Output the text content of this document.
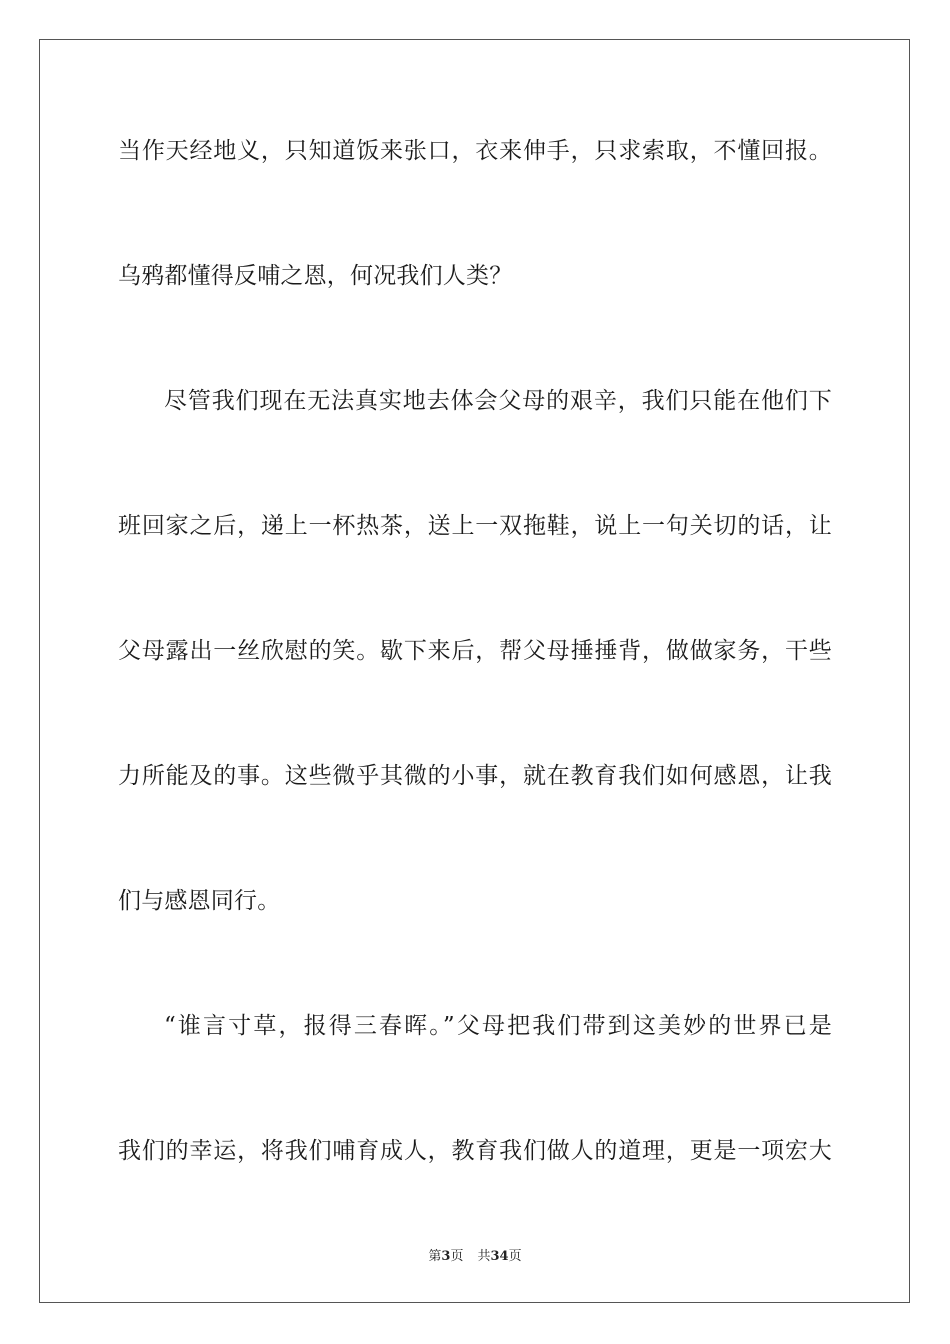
当作天经地义，只知道饭来张口，衣来伸手，只求索取，不懂回报。
乌鸦都懂得反哺之恩，何况我们人类？
尽管我们现在无法真实地去体会父母的艰辛，我们只能在他们下
班回家之后，递上一杯热茶，送上一双拖鞋，说上一句关切的话，让
父母露出一丝欣慰的笑。歇下来后，帮父母捶捶背，做做家务，干些
力所能及的事。这些微乎其微的小事，就在教育我们如何感恩，让我
们与感恩同行。
“谁言寸草，报得三春晖。”父母把我们带到这美妙的世界已是
我们的幸运，将我们哺育成人，教育我们做人的道理，更是一项宏大
第3页 共34页
